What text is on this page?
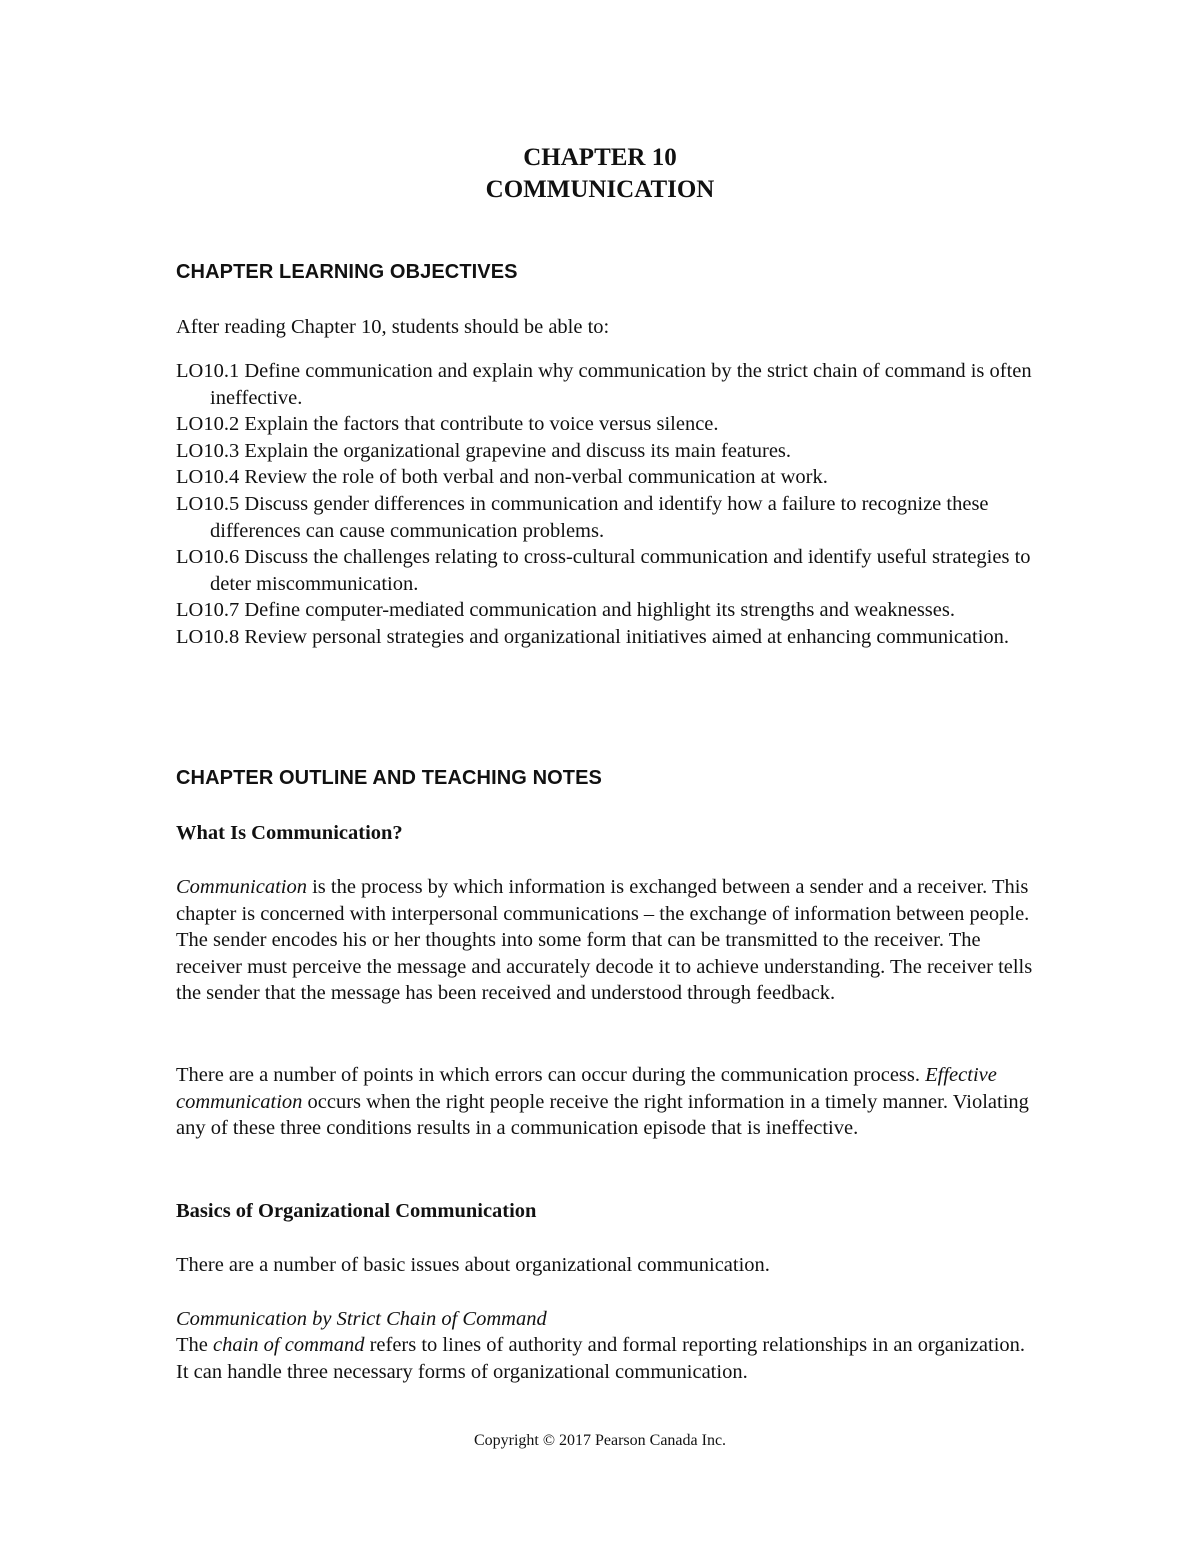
CHAPTER 10
COMMUNICATION
CHAPTER LEARNING OBJECTIVES
After reading Chapter 10, students should be able to:
LO10.1 Define communication and explain why communication by the strict chain of command is often ineffective.
LO10.2 Explain the factors that contribute to voice versus silence.
LO10.3 Explain the organizational grapevine and discuss its main features.
LO10.4 Review the role of both verbal and non-verbal communication at work.
LO10.5 Discuss gender differences in communication and identify how a failure to recognize these differences can cause communication problems.
LO10.6 Discuss the challenges relating to cross-cultural communication and identify useful strategies to deter miscommunication.
LO10.7 Define computer-mediated communication and highlight its strengths and weaknesses.
LO10.8 Review personal strategies and organizational initiatives aimed at enhancing communication.
CHAPTER OUTLINE AND TEACHING NOTES
What Is Communication?
Communication is the process by which information is exchanged between a sender and a receiver. This chapter is concerned with interpersonal communications – the exchange of information between people. The sender encodes his or her thoughts into some form that can be transmitted to the receiver. The receiver must perceive the message and accurately decode it to achieve understanding. The receiver tells the sender that the message has been received and understood through feedback.
There are a number of points in which errors can occur during the communication process. Effective communication occurs when the right people receive the right information in a timely manner. Violating any of these three conditions results in a communication episode that is ineffective.
Basics of Organizational Communication
There are a number of basic issues about organizational communication.
Communication by Strict Chain of Command
The chain of command refers to lines of authority and formal reporting relationships in an organization. It can handle three necessary forms of organizational communication.
Copyright © 2017 Pearson Canada Inc.
